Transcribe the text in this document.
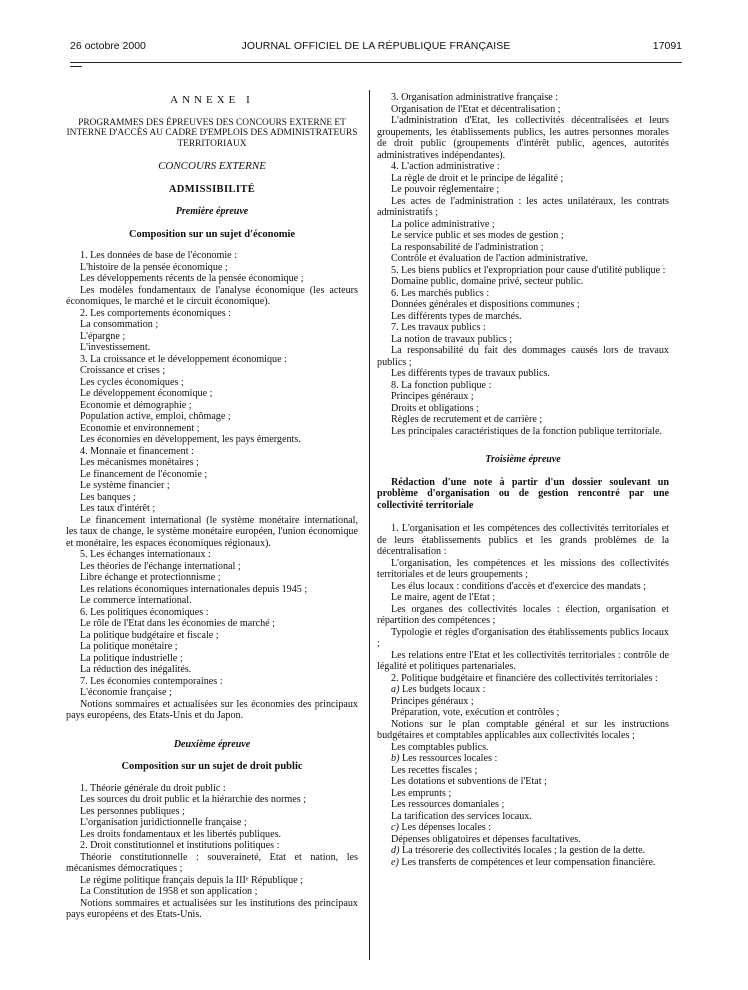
26 octobre 2000	JOURNAL OFFICIEL DE LA RÉPUBLIQUE FRANÇAISE	17091

ANNEXE I

PROGRAMMES DES ÉPREUVES DES CONCOURS EXTERNE ET INTERNE D'ACCÈS AU CADRE D'EMPLOIS DES ADMINISTRATEURS TERRITORIAUX

CONCOURS EXTERNE

ADMISSIBILITÉ

Première épreuve

Composition sur un sujet d'économie

1. Les données de base de l'économie :

L'histoire de la pensée économique ;

Les développements récents de la pensée économique ;

Les modèles fondamentaux de l'analyse économique (les acteurs économiques, le marché et le circuit économique).

2. Les comportements économiques :

La consommation ;

L'épargne ;

L'investissement.

3. La croissance et le développement économique :

Croissance et crises ;

Les cycles économiques ;

Le développement économique ;

Economie et démographie ;

Population active, emploi, chômage ;

Economie et environnement ;

Les économies en développement, les pays émergents.

4. Monnaie et financement :

Les mécanismes monétaires ;

Le financement de l'économie ;

Le système financier ;

Les banques ;

Les taux d'intérêt ;

Le financement international (le système monétaire international, les taux de change, le système monétaire européen, l'union économique et monétaire, les espaces économiques régionaux).

5. Les échanges internationaux :

Les théories de l'échange international ;

Libre échange et protectionnisme ;

Les relations économiques internationales depuis 1945 ;

Le commerce international.

6. Les politiques économiques :

Le rôle de l'Etat dans les économies de marché ;

La politique budgétaire et fiscale ;

La politique monétaire ;

La politique industrielle ;

La réduction des inégalités.

7. Les économies contemporaines :

L'économie française ;

Notions sommaires et actualisées sur les économies des principaux pays européens, des Etats-Unis et du Japon.

Deuxième épreuve

Composition sur un sujet de droit public

1. Théorie générale du droit public :

Les sources du droit public et la hiérarchie des normes ;

Les personnes publiques ;

L'organisation juridictionnelle française ;

Les droits fondamentaux et les libertés publiques.

2. Droit constitutionnel et institutions politiques :

Théorie constitutionnelle : souveraineté, Etat et nation, les mécanismes démocratiques ;

Le régime politique français depuis la IIIᵉ République ;

La Constitution de 1958 et son application ;

Notions sommaires et actualisées sur les institutions des principaux pays européens et des Etats-Unis.

3. Organisation administrative française :

Organisation de l'Etat et décentralisation ;

L'administration d'Etat, les collectivités décentralisées et leurs groupements, les établissements publics, les autres personnes morales de droit public (groupements d'intérêt public, agences, autorités administratives indépendantes).

4. L'action administrative :

La règle de droit et le principe de légalité ;

Le pouvoir réglementaire ;

Les actes de l'administration : les actes unilatéraux, les contrats administratifs ;

La police administrative ;

Le service public et ses modes de gestion ;

La responsabilité de l'administration ;

Contrôle et évaluation de l'action administrative.

5. Les biens publics et l'expropriation pour cause d'utilité publique :

Domaine public, domaine privé, secteur public.

6. Les marchés publics :

Données générales et dispositions communes ;

Les différents types de marchés.

7. Les travaux publics :

La notion de travaux publics ;

La responsabilité du fait des dommages causés lors de travaux publics ;

Les différents types de travaux publics.

8. La fonction publique :

Principes généraux ;

Droits et obligations ;

Règles de recrutement et de carrière ;

Les principales caractéristiques de la fonction publique territoriale.

Troisième épreuve

Rédaction d'une note à partir d'un dossier soulevant un problème d'organisation ou de gestion rencontré par une collectivité territoriale

1. L'organisation et les compétences des collectivités territoriales et de leurs établissements publics et les grands problèmes de la décentralisation :

L'organisation, les compétences et les missions des collectivités territoriales et de leurs groupements ;

Les élus locaux : conditions d'accès et d'exercice des mandats ;

Le maire, agent de l'Etat ;

Les organes des collectivités locales : élection, organisation et répartition des compétences ;

Typologie et règles d'organisation des établissements publics locaux ;

Les relations entre l'Etat et les collectivités territoriales : contrôle de légalité et politiques partenariales.

2. Politique budgétaire et financière des collectivités territoriales :

a) Les budgets locaux :

Principes généraux ;

Préparation, vote, exécution et contrôles ;

Notions sur le plan comptable général et sur les instructions budgétaires et comptables applicables aux collectivités locales ;

Les comptables publics.

b) Les ressources locales :

Les recettes fiscales ;

Les dotations et subventions de l'Etat ;

Les emprunts ;

Les ressources domaniales ;

La tarification des services locaux.

c) Les dépenses locales :

Dépenses obligatoires et dépenses facultatives.

d) La trésorerie des collectivités locales ; la gestion de la dette.

e) Les transferts de compétences et leur compensation financière.
